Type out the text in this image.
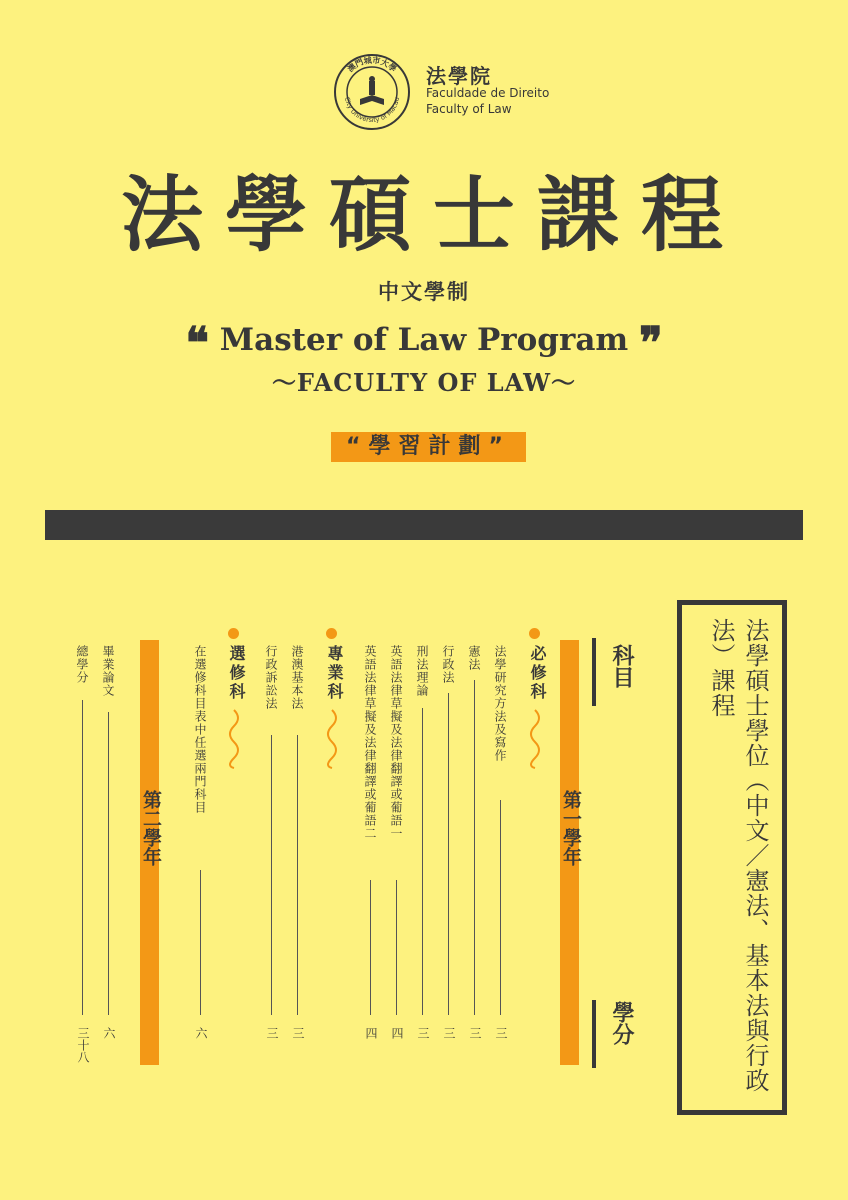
澳門城市大學
City University of Macau
法學院
Faculdade de Direito
Faculty of Law
法學碩士課程
中文學制
❝ Master of Law Program ❞
～FACULTY OF LAW～
“學習計劃”
法學碩士學位（中文／憲法、基本法與行政法）課程
科目
學分
第一學年
必修科
法學研究方法及寫作
三
憲法
三
行政法
三
刑法理論
三
英語法律草擬及法律翻譯或葡語一
四
英語法律草擬及法律翻譯或葡語二
四
專業科
港澳基本法
三
行政訴訟法
三
選修科
在選修科目表中任選兩門科目
六
第二學年
畢業論文
六
總學分
三十八
